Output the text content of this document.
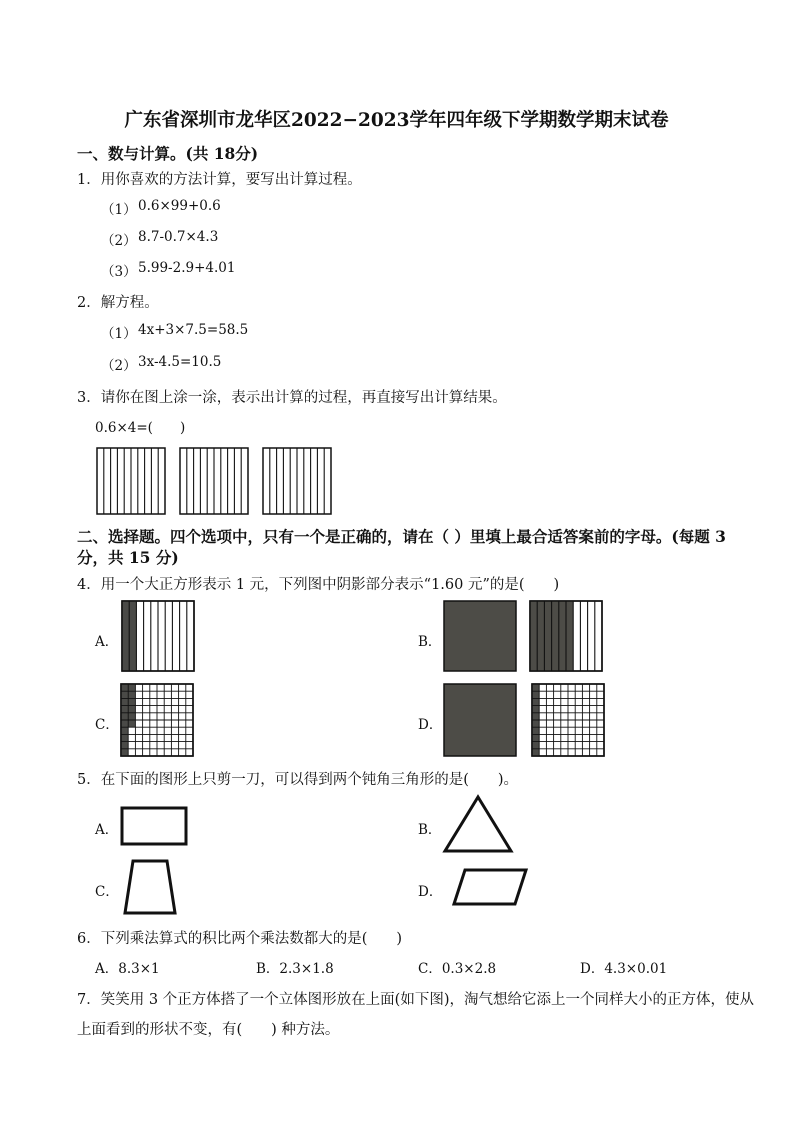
广东省深圳市龙华区2022−2023学年四年级下学期数学期末试卷
一、数与计算。(共 18分)
1．用你喜欢的方法计算，要写出计算过程。
（1） 0.6×99+0.6
（2） 8.7-0.7×4.3
（3） 5.99-2.9+4.01
2．解方程。
（1） 4x+3×7.5=58.5
（2） 3x-4.5=10.5
3．请你在图上涂一涂，表示出计算的过程，再直接写出计算结果。
0.6×4=(　　)
二、选择题。四个选项中，只有一个是正确的，请在（ ）里填上最合适答案前的字母。(每题 3
分，共 15 分)
4．用一个大正方形表示 1 元，下列图中阴影部分表示“1.60 元”的是(　　)
A．	B．
C．	D．
5．在下面的图形上只剪一刀，可以得到两个钝角三角形的是(　　)。
A．	B．
C．	D．
6．下列乘法算式的积比两个乘法数都大的是(　　)
A．8.3×1	B．2.3×1.8	C．0.3×2.8	D．4.3×0.01
7．笑笑用 3 个正方体搭了一个立体图形放在上面(如下图)，淘气想给它添上一个同样大小的正方体，使从
上面看到的形状不变，有(　　) 种方法。
